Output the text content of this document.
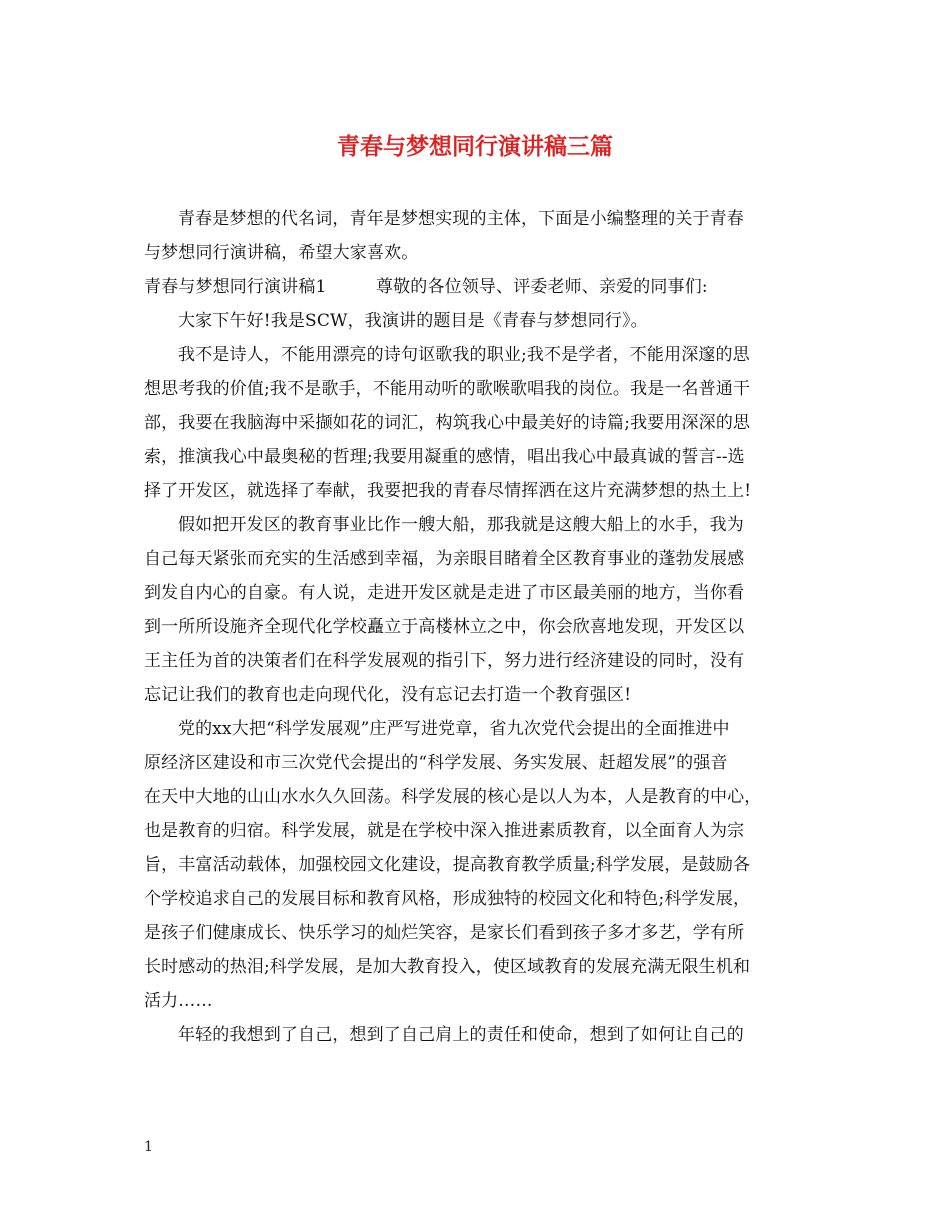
青春与梦想同行演讲稿三篇

青春是梦想的代名词，青年是梦想实现的主体，下面是小编整理的关于青春

与梦想同行演讲稿，希望大家喜欢。

青春与梦想同行演讲稿1	尊敬的各位领导、评委老师、亲爱的同事们:

大家下午好!我是SCW，我演讲的题目是《青春与梦想同行》。

我不是诗人，不能用漂亮的诗句讴歌我的职业;我不是学者，不能用深邃的思

想思考我的价值;我不是歌手，不能用动听的歌喉歌唱我的岗位。我是一名普通干

部，我要在我脑海中采撷如花的词汇，构筑我心中最美好的诗篇;我要用深深的思

索，推演我心中最奥秘的哲理;我要用凝重的感情，唱出我心中最真诚的誓言--选

择了开发区，就选择了奉献，我要把我的青春尽情挥洒在这片充满梦想的热土上!

假如把开发区的教育事业比作一艘大船，那我就是这艘大船上的水手，我为

自己每天紧张而充实的生活感到幸福，为亲眼目睹着全区教育事业的蓬勃发展感

到发自内心的自豪。有人说，走进开发区就是走进了市区最美丽的地方，当你看

到一所所设施齐全现代化学校矗立于高楼林立之中，你会欣喜地发现，开发区以

王主任为首的决策者们在科学发展观的指引下，努力进行经济建设的同时，没有

忘记让我们的教育也走向现代化，没有忘记去打造一个教育强区!

党的xx大把“科学发展观”庄严写进党章，省九次党代会提出的全面推进中

原经济区建设和市三次党代会提出的“科学发展、务实发展、赶超发展”的强音

在天中大地的山山水水久久回荡。科学发展的核心是以人为本，人是教育的中心，

也是教育的归宿。科学发展，就是在学校中深入推进素质教育，以全面育人为宗

旨，丰富活动载体，加强校园文化建设，提高教育教学质量;科学发展，是鼓励各

个学校追求自己的发展目标和教育风格，形成独特的校园文化和特色;科学发展，

是孩子们健康成长、快乐学习的灿烂笑容，是家长们看到孩子多才多艺，学有所

长时感动的热泪;科学发展，是加大教育投入，使区域教育的发展充满无限生机和

活力……

年轻的我想到了自己，想到了自己肩上的责任和使命，想到了如何让自己的

1
